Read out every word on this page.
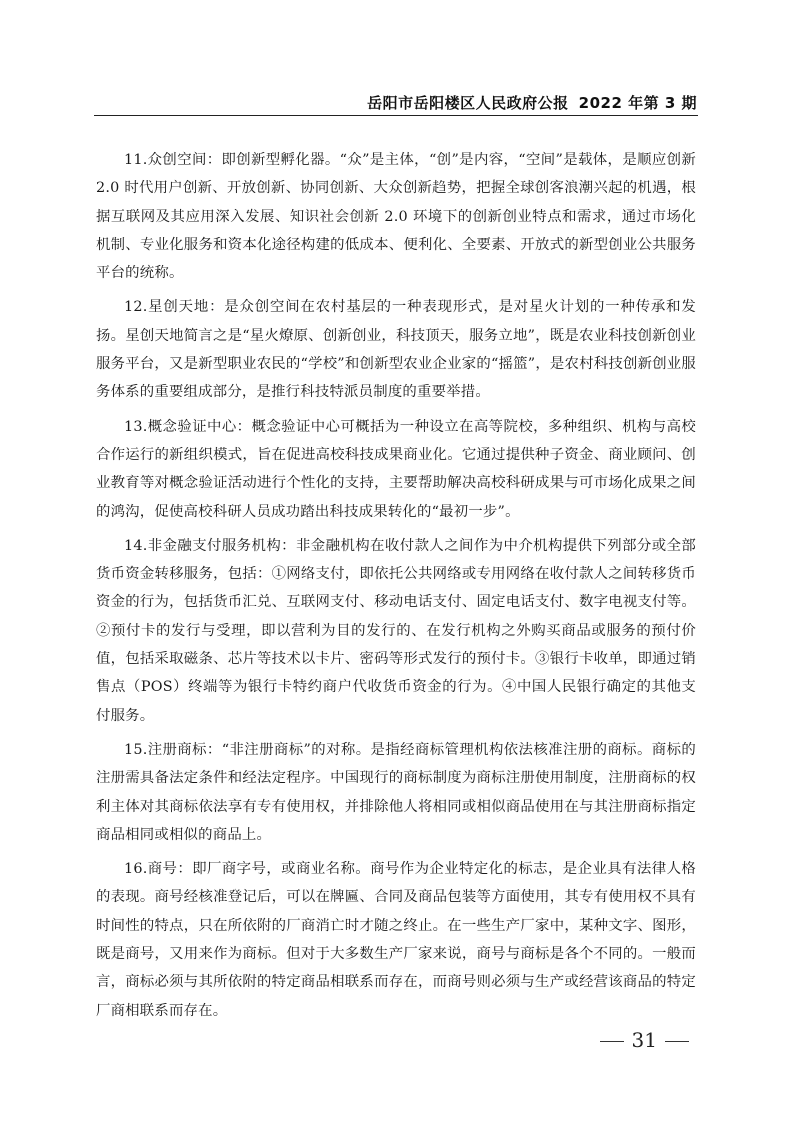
岳阳市岳阳楼区人民政府公报 2022 年第 3 期

11.众创空间：即创新型孵化器。“众”是主体，“创”是内容，“空间”是载体，是顺应创新 2.0 时代用户创新、开放创新、协同创新、大众创新趋势，把握全球创客浪潮兴起的机遇，根据互联网及其应用深入发展、知识社会创新 2.0 环境下的创新创业特点和需求，通过市场化机制、专业化服务和资本化途径构建的低成本、便利化、全要素、开放式的新型创业公共服务平台的统称。

12.星创天地：是众创空间在农村基层的一种表现形式，是对星火计划的一种传承和发扬。星创天地简言之是“星火燎原、创新创业，科技顶天，服务立地”，既是农业科技创新创业服务平台，又是新型职业农民的“学校”和创新型农业企业家的“摇篮”，是农村科技创新创业服务体系的重要组成部分，是推行科技特派员制度的重要举措。

13.概念验证中心：概念验证中心可概括为一种设立在高等院校，多种组织、机构与高校合作运行的新组织模式，旨在促进高校科技成果商业化。它通过提供种子资金、商业顾问、创业教育等对概念验证活动进行个性化的支持，主要帮助解决高校科研成果与可市场化成果之间的鸿沟，促使高校科研人员成功踏出科技成果转化的“最初一步”。

14.非金融支付服务机构：非金融机构在收付款人之间作为中介机构提供下列部分或全部货币资金转移服务，包括：①网络支付，即依托公共网络或专用网络在收付款人之间转移货币资金的行为，包括货币汇兑、互联网支付、移动电话支付、固定电话支付、数字电视支付等。②预付卡的发行与受理，即以营利为目的发行的、在发行机构之外购买商品或服务的预付价值，包括采取磁条、芯片等技术以卡片、密码等形式发行的预付卡。③银行卡收单，即通过销售点（POS）终端等为银行卡特约商户代收货币资金的行为。④中国人民银行确定的其他支付服务。

15.注册商标：“非注册商标”的对称。是指经商标管理机构依法核准注册的商标。商标的注册需具备法定条件和经法定程序。中国现行的商标制度为商标注册使用制度，注册商标的权利主体对其商标依法享有专有使用权，并排除他人将相同或相似商品使用在与其注册商标指定商品相同或相似的商品上。

16.商号：即厂商字号，或商业名称。商号作为企业特定化的标志，是企业具有法律人格的表现。商号经核准登记后，可以在牌匾、合同及商品包装等方面使用，其专有使用权不具有时间性的特点，只在所依附的厂商消亡时才随之终止。在一些生产厂家中，某种文字、图形，既是商号，又用来作为商标。但对于大多数生产厂家来说，商号与商标是各个不同的。一般而言，商标必须与其所依附的特定商品相联系而存在，而商号则必须与生产或经营该商品的特定厂商相联系而存在。

31
